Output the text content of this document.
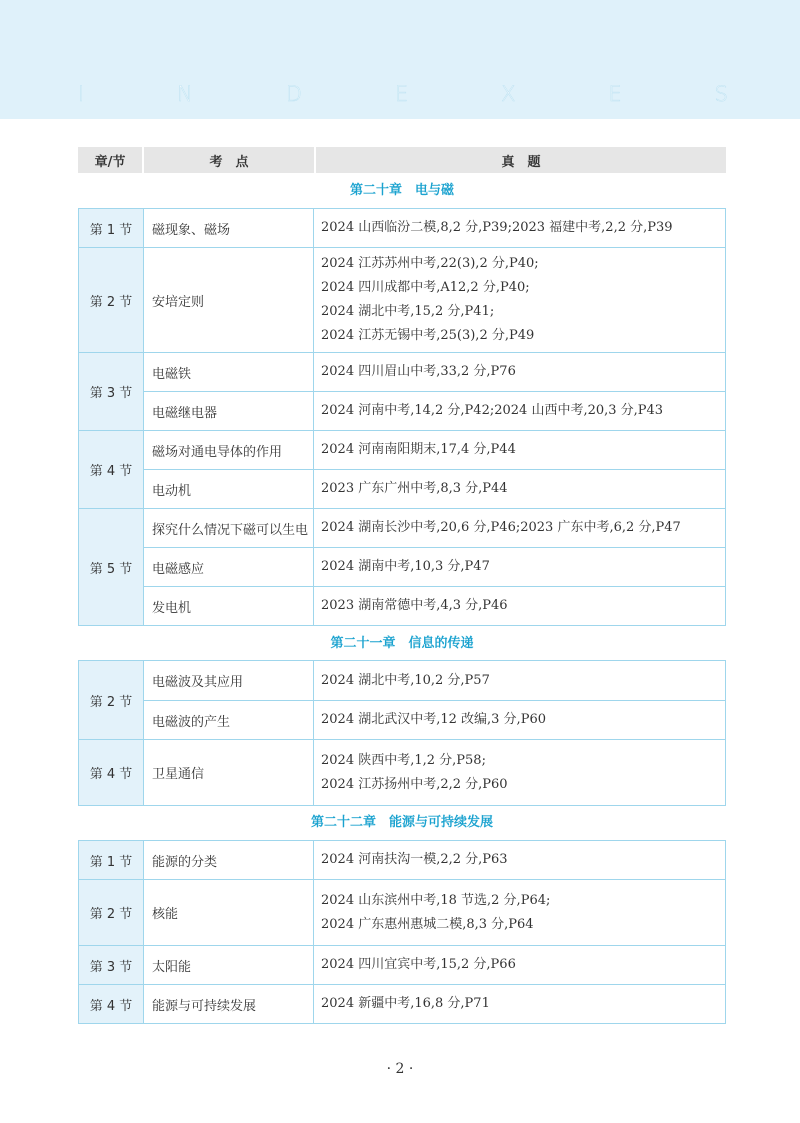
I	N	D	E	X	E	S
章/节	考　点	真　题
第二十章　电与磁
第 1 节	磁现象、磁场	2024 山西临汾二模,8,2 分,P39;2023 福建中考,2,2 分,P39

第 2 节	安培定则	2024 江苏苏州中考,22(3),2 分,P40;
2024 四川成都中考,A12,2 分,P40;
2024 湖北中考,15,2 分,P41;
2024 江苏无锡中考,25(3),2 分,P49

第 3 节	电磁铁	2024 四川眉山中考,33,2 分,P76

	电磁继电器	2024 河南中考,14,2 分,P42;2024 山西中考,20,3 分,P43

第 4 节	磁场对通电导体的作用	2024 河南南阳期末,17,4 分,P44

	电动机	2023 广东广州中考,8,3 分,P44

第 5 节	探究什么情况下磁可以生电	2024 湖南长沙中考,20,6 分,P46;2023 广东中考,6,2 分,P47

	电磁感应	2024 湖南中考,10,3 分,P47

	发电机	2023 湖南常德中考,4,3 分,P46
第二十一章　信息的传递
第 2 节	电磁波及其应用	2024 湖北中考,10,2 分,P57

	电磁波的产生	2024 湖北武汉中考,12 改编,3 分,P60

第 4 节	卫星通信	2024 陕西中考,1,2 分,P58;
2024 江苏扬州中考,2,2 分,P60
第二十二章　能源与可持续发展
第 1 节	能源的分类	2024 河南扶沟一模,2,2 分,P63

第 2 节	核能	2024 山东滨州中考,18 节选,2 分,P64;
2024 广东惠州惠城二模,8,3 分,P64

第 3 节	太阳能	2024 四川宜宾中考,15,2 分,P66

第 4 节	能源与可持续发展	2024 新疆中考,16,8 分,P71
· 2 ·
